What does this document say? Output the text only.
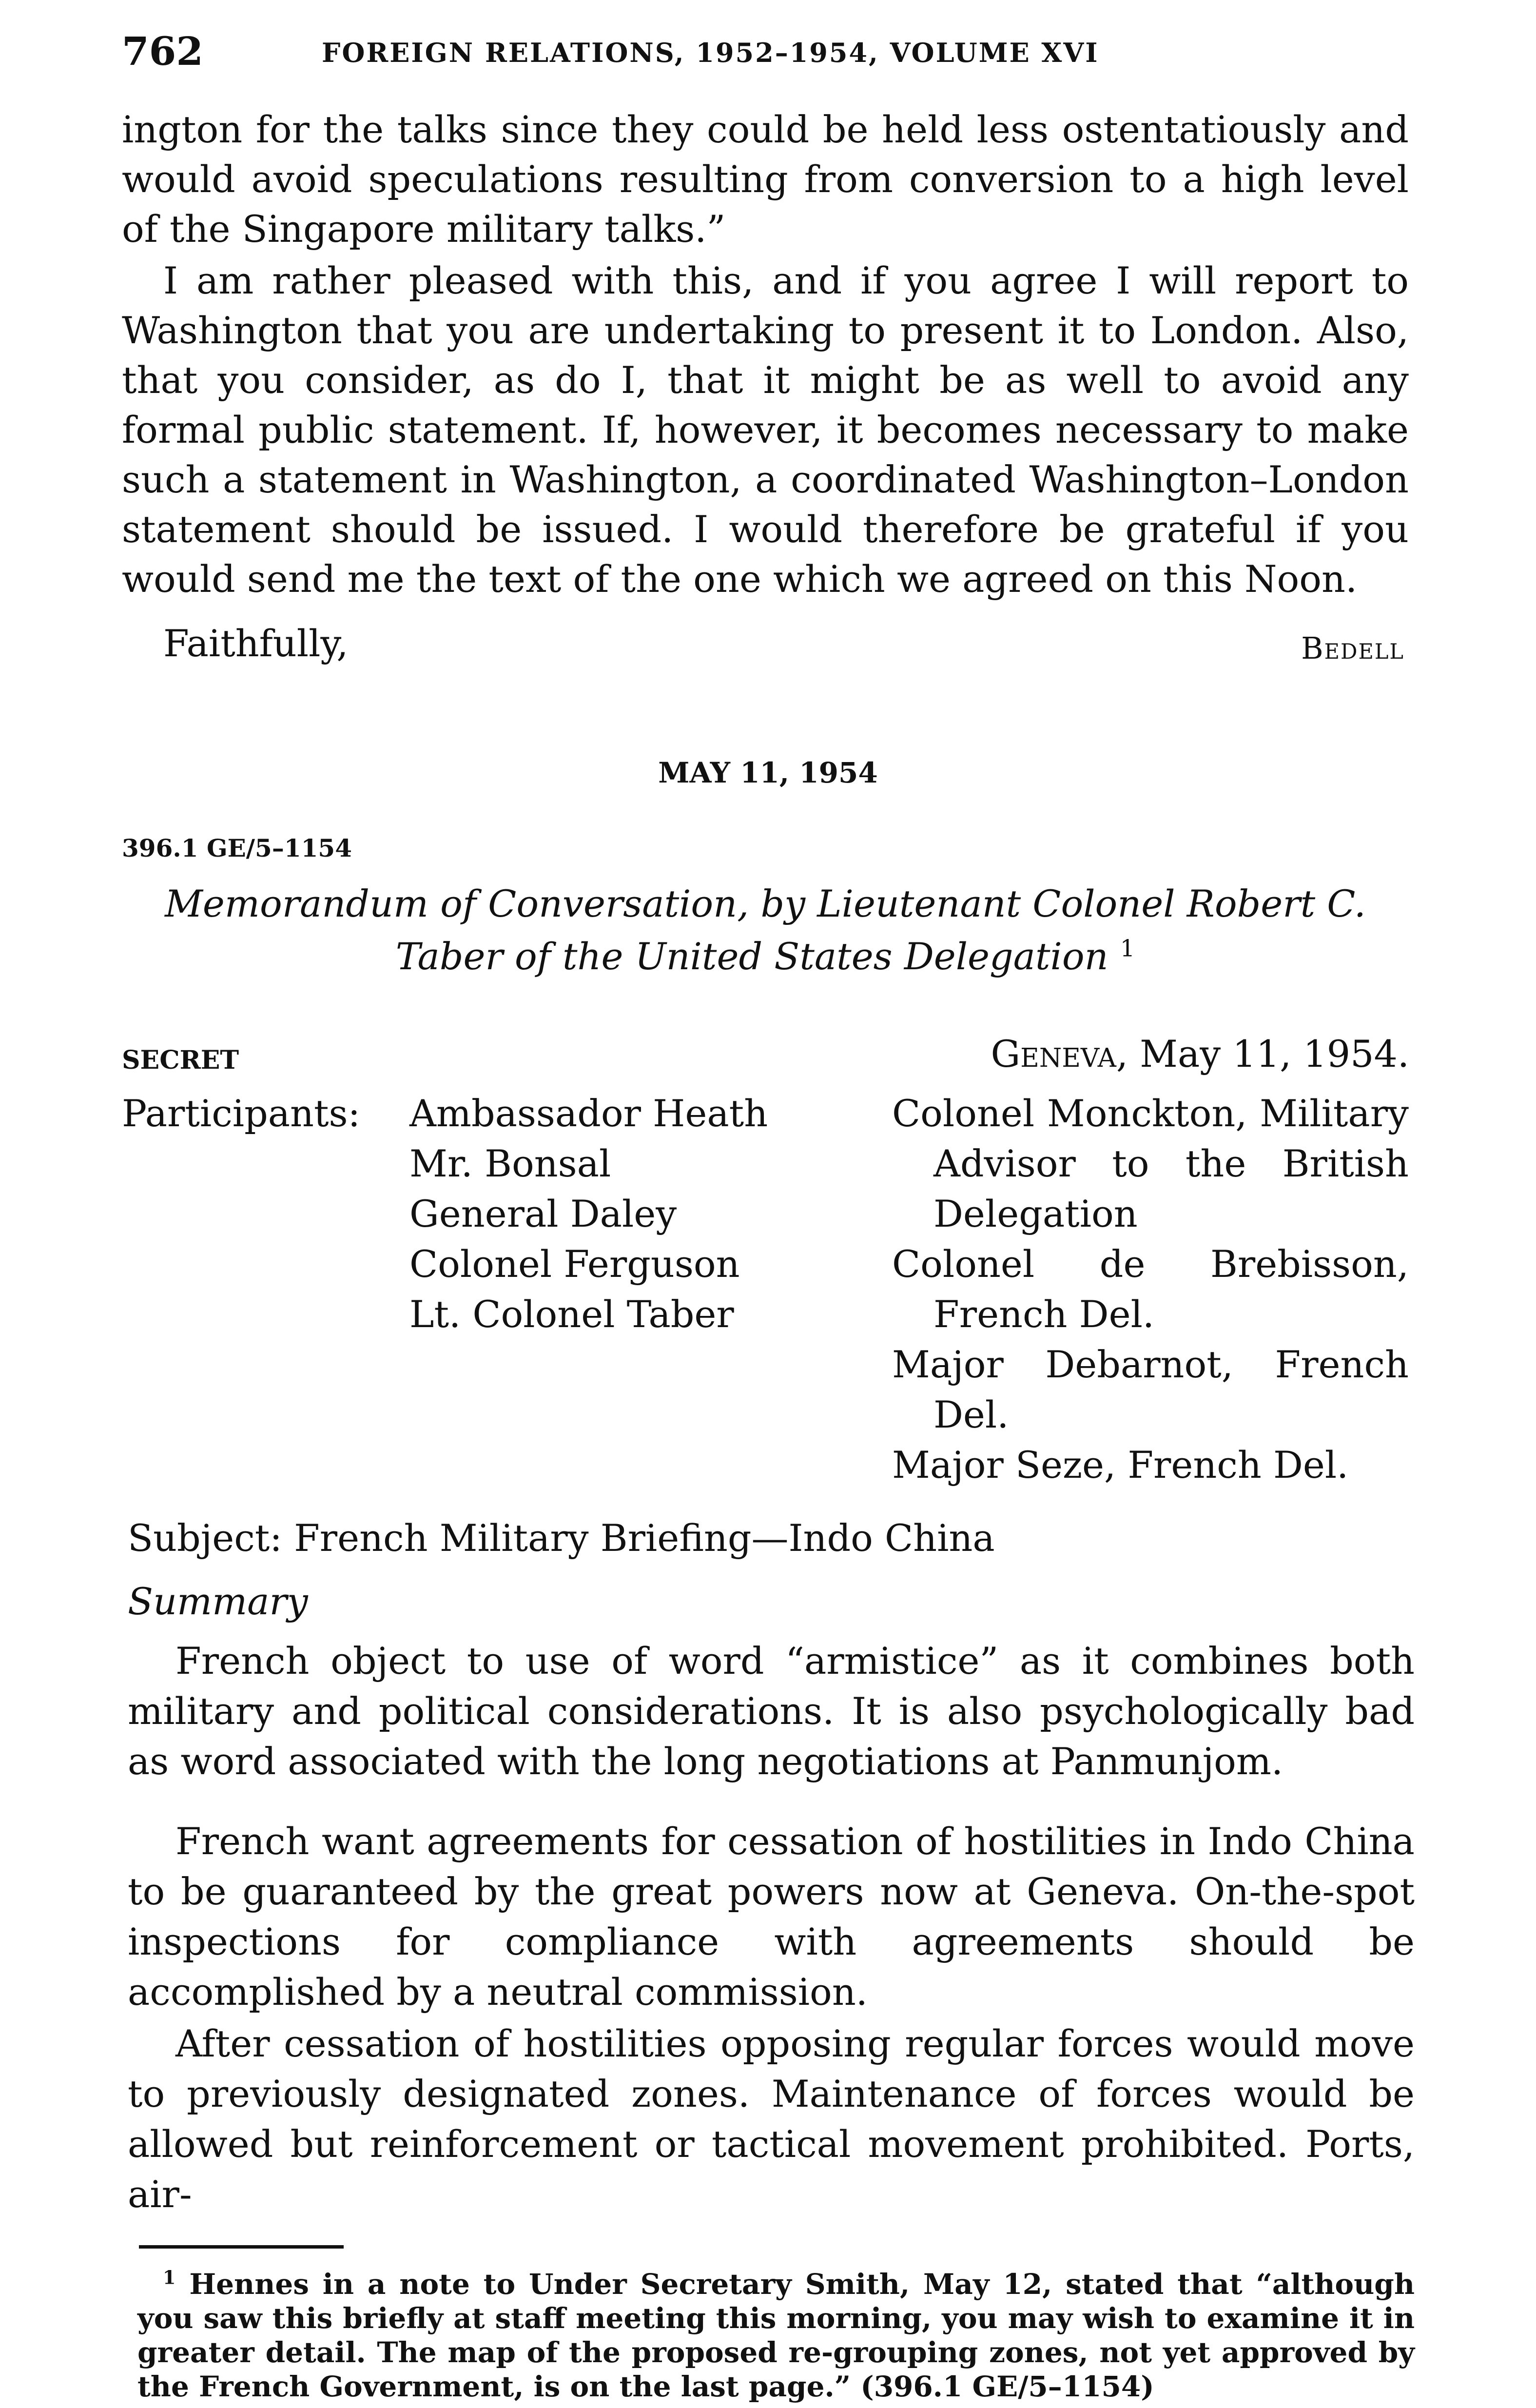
762	FOREIGN RELATIONS, 1952–1954, VOLUME XVI
ington for the talks since they could be held less ostentatiously and would avoid speculations resulting from conversion to a high level of the Singapore military talks.”
I am rather pleased with this, and if you agree I will report to Washington that you are undertaking to present it to London. Also, that you consider, as do I, that it might be as well to avoid any formal public statement. If, however, it becomes necessary to make such a statement in Washington, a coordinated Washington–London statement should be issued. I would therefore be grateful if you would send me the text of the one which we agreed on this Noon.
Faithfully,	Bedell
MAY 11, 1954
396.1 GE/5–1154
Memorandum of Conversation, by Lieutenant Colonel Robert C. Taber of the United States Delegation $^1$
SECRET	Geneva, May 11, 1954.
Participants: Ambassador Heath
Mr. Bonsal
General Daley
Colonel Ferguson
Lt. Colonel Taber
Colonel Monckton, Military Advisor to the British Delegation
Colonel de Brebisson, French Del.
Major Debarnot, French Del.
Major Seze, French Del.
Subject: French Military Briefing—Indo China
Summary
French object to use of word “armistice” as it combines both military and political considerations. It is also psychologically bad as word associated with the long negotiations at Panmunjom.
French want agreements for cessation of hostilities in Indo China to be guaranteed by the great powers now at Geneva. On-the-spot inspections for compliance with agreements should be accomplished by a neutral commission.
After cessation of hostilities opposing regular forces would move to previously designated zones. Maintenance of forces would be allowed but reinforcement or tactical movement prohibited. Ports, air-
$^1$ Hennes in a note to Under Secretary Smith, May 12, stated that “although you saw this briefly at staff meeting this morning, you may wish to examine it in greater detail. The map of the proposed re-grouping zones, not yet approved by the French Government, is on the last page.” (396.1 GE/5–1154)
